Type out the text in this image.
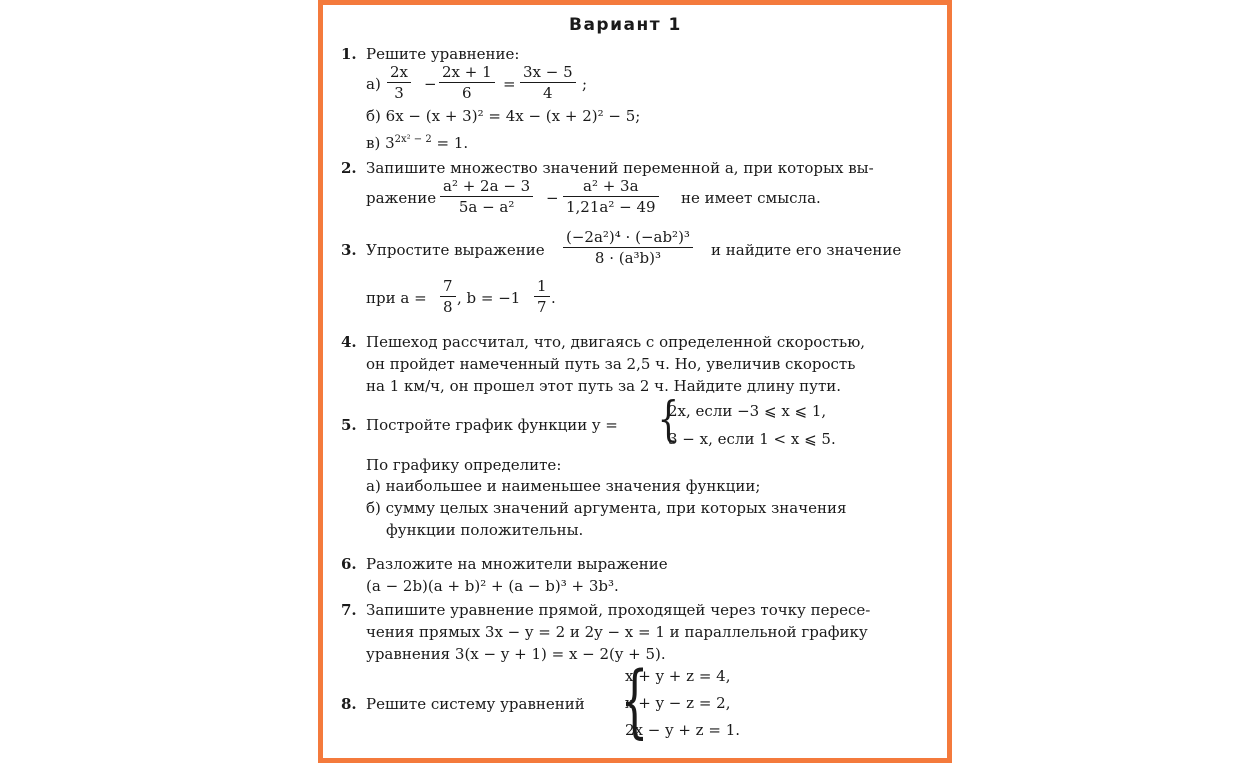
Вариант 1
1. Решите уравнение:
$а) \frac{2x}{3} - \frac{2x + 1}{6} = \frac{3x - 5}{4}$ ;
б) 6x − (x + 3)² = 4x − (x + 2)² − 5;
в) $3^{2x^2 - 2} = 1$.
2. Запишите множество значений переменной a, при которых вы-
ражение $\frac{\text{a² + 2a − 3}}{\text{5a − a²}} - \frac{\text{a² + 3a}}{\text{1,21a² − 49}}$ не имеет смысла.
3. Упростите выражение $\frac{\text{(−2a²)⁴ · (−ab²)³}}{\text{8 · (a³b)³}}$ и найдите его значение
при $a = \frac{7}{8}$ , $b = -1 \frac{1}{7}$ .
4. Пешеход рассчитал, что, двигаясь с определенной скоростью,
он пройдет намеченный путь за 2,5 ч. Но, увеличив скорость
на 1 км/ч, он прошел этот путь за 2 ч. Найдите длину пути.
5. Постройте график функции y = {
2x, если −3 ⩽ x ⩽ 1,
3 − x, если 1 < x ⩽ 5.
По графику определите:
а) наибольшее и наименьшее значения функции;
б) сумму целых значений аргумента, при которых значения
функции положительны.
6. Разложите на множители выражение
(a − 2b)(a + b)² + (a − b)³ + 3b³.
7. Запишите уравнение прямой, проходящей через точку пересе-
чения прямых 3x − y = 2 и 2y − x = 1 и параллельной графику
уравнения 3(x − y + 1) = x − 2(y + 5).
8. Решите систему уравнений {
x + y + z = 4,
x + y − z = 2,
2x − y + z = 1.
